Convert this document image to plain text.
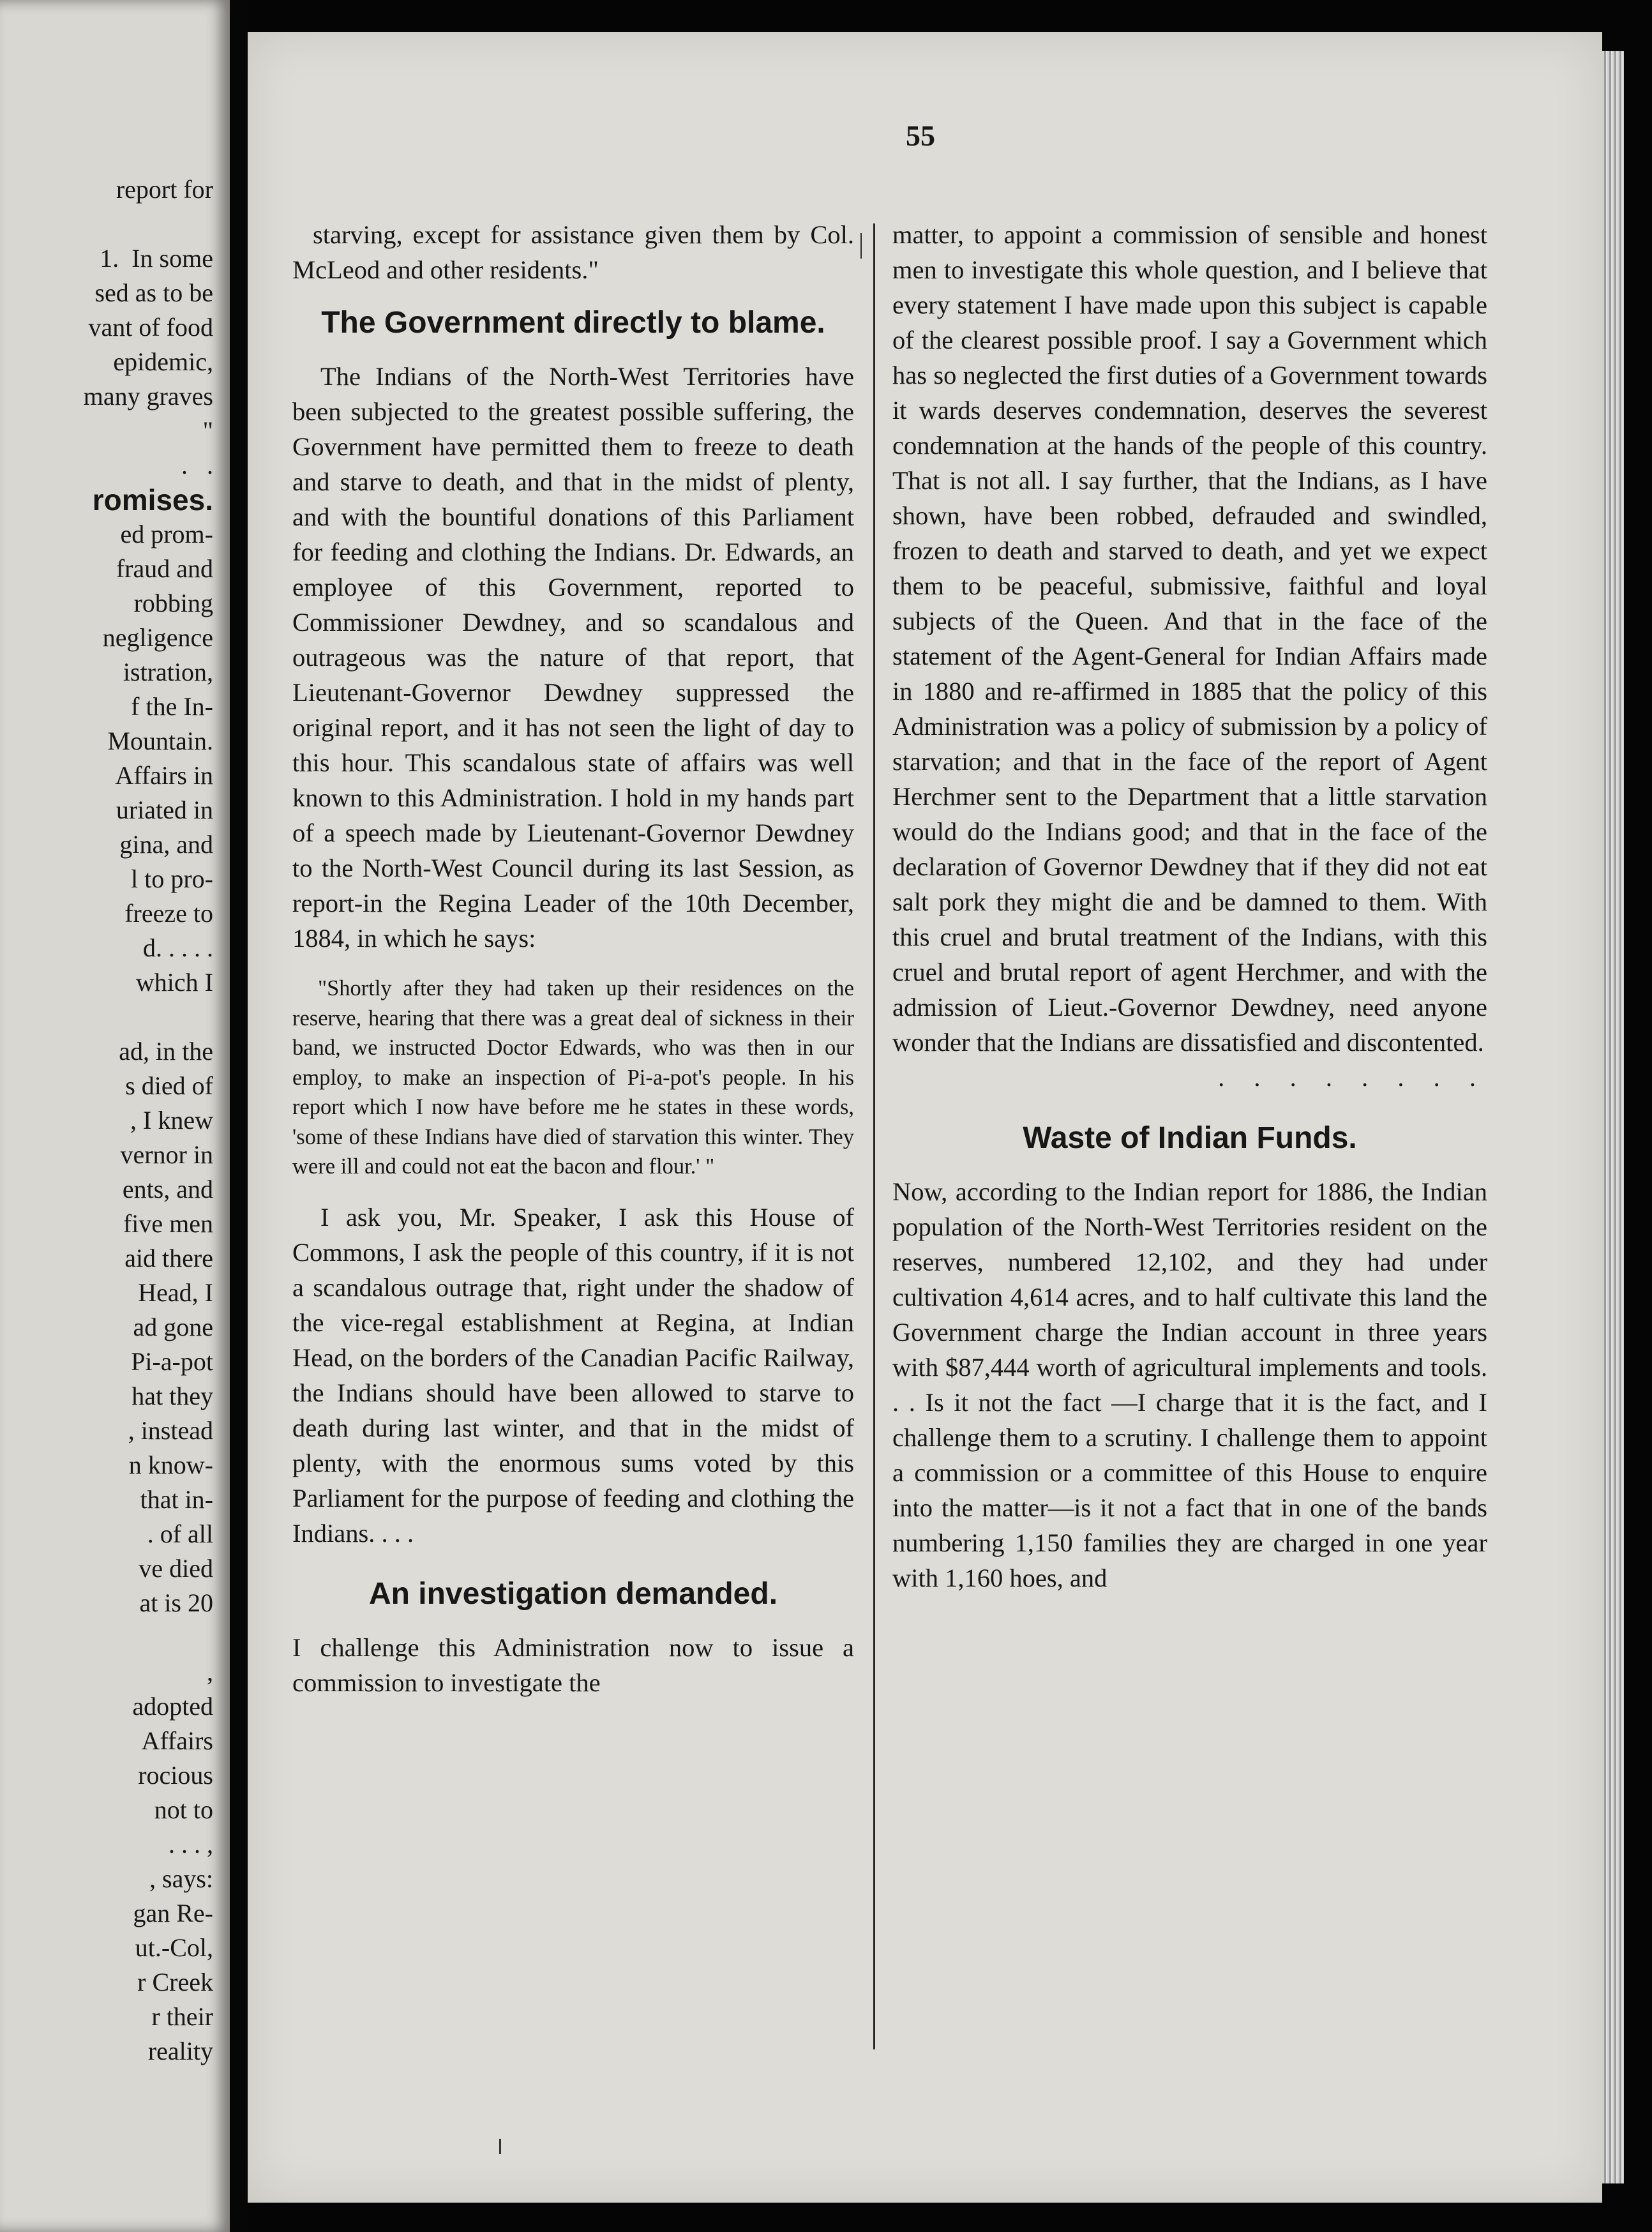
report for
1.  In some
sed as to be
vant of food
epidemic,
many graves
"
.   .
romises.
ed prom-
fraud and
robbing
negligence
istration,
f the In-
Mountain.
Affairs in
uriated in
gina, and
l to pro-
freeze to
d. . . . .
which I
ad, in the
s died of
, I knew
vernor in
ents, and
five men
aid there
Head, I
ad gone
Pi-a-pot
hat they
, instead
n know-
that in-
. of all
ve died
at is 20
,
adopted
Affairs
rocious
not to
. . . ,
, says:
gan Re-
ut.-Col,
r Creek
r their
reality
55

starving, except for assistance given them by Col. McLeod and other residents."

The Government directly to blame.

The Indians of the North-West Territories have been subjected to the greatest possible suffering, the Government have permitted them to freeze to death and starve to death, and that in the midst of plenty, and with the bountiful donations of this Parliament for feeding and clothing the Indians. Dr. Edwards, an employee of this Government, reported to Commissioner Dewdney, and so scandalous and outrageous was the nature of that report, that Lieutenant-Governor Dewdney suppressed the original report, and it has not seen the light of day to this hour. This scandalous state of affairs was well known to this Administration. I hold in my hands part of a speech made by Lieutenant-Governor Dewdney to the North-West Council during its last Session, as report-in the Regina Leader of the 10th December, 1884, in which he says:

"Shortly after they had taken up their residences on the reserve, hearing that there was a great deal of sickness in their band, we instructed Doctor Edwards, who was then in our employ, to make an inspection of Pi-a-pot's people. In his report which I now have before me he states in these words, 'some of these Indians have died of starvation this winter. They were ill and could not eat the bacon and flour.' "

I ask you, Mr. Speaker, I ask this House of Commons, I ask the people of this country, if it is not a scandalous outrage that, right under the shadow of the vice-regal establishment at Regina, at Indian Head, on the borders of the Canadian Pacific Railway, the Indians should have been allowed to starve to death during last winter, and that in the midst of plenty, with the enormous sums voted by this Parliament for the purpose of feeding and clothing the Indians. . . .

An investigation demanded.

I challenge this Administration now to issue a commission to investigate the

matter, to appoint a commission of sensible and honest men to investigate this whole question, and I believe that every statement I have made upon this subject is capable of the clearest possible proof. I say a Government which has so neglected the first duties of a Government towards it wards deserves condemnation, deserves the severest condemnation at the hands of the people of this country. That is not all. I say further, that the Indians, as I have shown, have been robbed, defrauded and swindled, frozen to death and starved to death, and yet we expect them to be peaceful, submissive, faithful and loyal subjects of the Queen. And that in the face of the statement of the Agent-General for Indian Affairs made in 1880 and re-affirmed in 1885 that the policy of this Administration was a policy of submission by a policy of starvation; and that in the face of the report of Agent Herchmer sent to the Department that a little starvation would do the Indians good; and that in the face of the declaration of Governor Dewdney that if they did not eat salt pork they might die and be damned to them. With this cruel and brutal treatment of the Indians, with this cruel and brutal report of agent Herchmer, and with the admission of Lieut.-Governor Dewdney, need anyone wonder that the Indians are dissatisfied and discontented.
. . . . . . . .

Waste of Indian Funds.

Now, according to the Indian report for 1886, the Indian population of the North-West Territories resident on the reserves, numbered 12,102, and they had under cultivation 4,614 acres, and to half cultivate this land the Government charge the Indian account in three years with $87,444 worth of agricultural implements and tools. . . Is it not the fact —I charge that it is the fact, and I challenge them to a scrutiny. I challenge them to appoint a commission or a committee of this House to enquire into the matter—is it not a fact that in one of the bands numbering 1,150 families they are charged in one year with 1,160 hoes, and
